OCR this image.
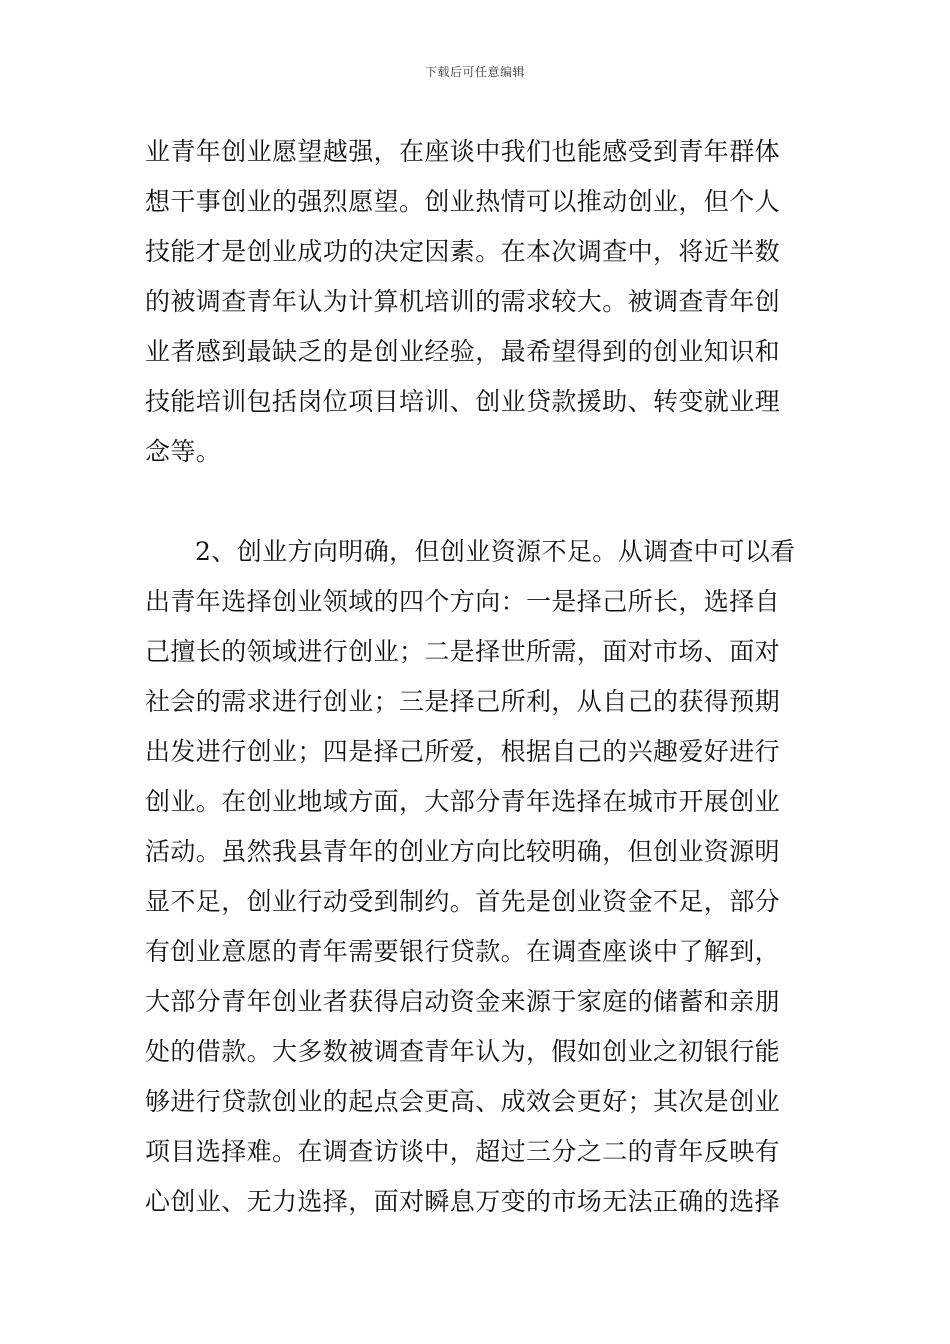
下载后可任意编辑
业青年创业愿望越强，在座谈中我们也能感受到青年群体
想干事创业的强烈愿望。创业热情可以推动创业，但个人
技能才是创业成功的决定因素。在本次调查中，将近半数
的被调查青年认为计算机培训的需求较大。被调查青年创
业者感到最缺乏的是创业经验，最希望得到的创业知识和
技能培训包括岗位项目培训、创业贷款援助、转变就业理
念等。
2、创业方向明确，但创业资源不足。从调查中可以看
出青年选择创业领域的四个方向：一是择己所长，选择自
己擅长的领域进行创业；二是择世所需，面对市场、面对
社会的需求进行创业；三是择己所利，从自己的获得预期
出发进行创业；四是择己所爱，根据自己的兴趣爱好进行
创业。在创业地域方面，大部分青年选择在城市开展创业
活动。虽然我县青年的创业方向比较明确，但创业资源明
显不足，创业行动受到制约。首先是创业资金不足，部分
有创业意愿的青年需要银行贷款。在调查座谈中了解到，
大部分青年创业者获得启动资金来源于家庭的储蓄和亲朋
处的借款。大多数被调查青年认为，假如创业之初银行能
够进行贷款创业的起点会更高、成效会更好；其次是创业
项目选择难。在调查访谈中，超过三分之二的青年反映有
心创业、无力选择，面对瞬息万变的市场无法正确的选择
